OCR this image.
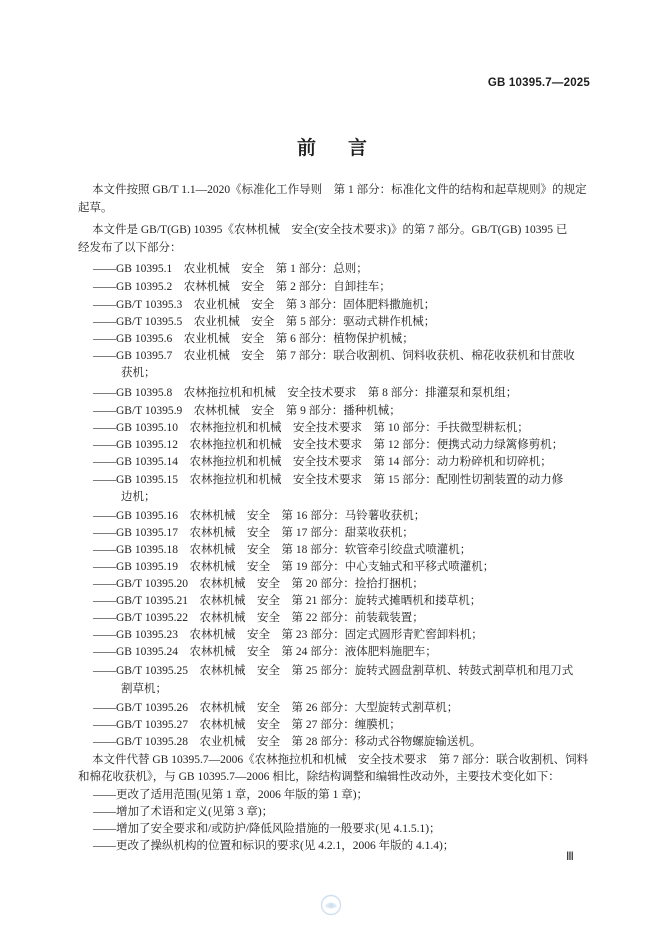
GB 10395.7—2025
前　　言
Ⅲ
本文件按照 GB/T 1.1—2020《标准化工作导则　第 1 部分：标准化文件的结构和起草规则》的规定
起草。
本文件是 GB/T(GB) 10395《农林机械　安全(安全技术要求)》的第 7 部分。GB/T(GB) 10395 已
经发布了以下部分：
——GB 10395.1　农业机械　安全　第 1 部分：总则；
——GB 10395.2　农林机械　安全　第 2 部分：自卸挂车；
——GB/T 10395.3　农业机械　安全　第 3 部分：固体肥料撒施机；
——GB/T 10395.5　农业机械　安全　第 5 部分：驱动式耕作机械；
——GB 10395.6　农业机械　安全　第 6 部分：植物保护机械；
——GB 10395.7　农业机械　安全　第 7 部分：联合收割机、饲料收获机、棉花收获机和甘蔗收
获机；
——GB 10395.8　农林拖拉机和机械　安全技术要求　第 8 部分：排灌泵和泵机组；
——GB/T 10395.9　农林机械　安全　第 9 部分：播种机械；
——GB 10395.10　农林拖拉机和机械　安全技术要求　第 10 部分：手扶微型耕耘机；
——GB 10395.12　农林拖拉机和机械　安全技术要求　第 12 部分：便携式动力绿篱修剪机；
——GB 10395.14　农林拖拉机和机械　安全技术要求　第 14 部分：动力粉碎机和切碎机；
——GB 10395.15　农林拖拉机和机械　安全技术要求　第 15 部分：配刚性切割装置的动力修
边机；
——GB 10395.16　农林机械　安全　第 16 部分：马铃薯收获机；
——GB 10395.17　农林机械　安全　第 17 部分：甜菜收获机；
——GB 10395.18　农林机械　安全　第 18 部分：软管牵引绞盘式喷灌机；
——GB 10395.19　农林机械　安全　第 19 部分：中心支轴式和平移式喷灌机；
——GB/T 10395.20　农林机械　安全　第 20 部分：捡拾打捆机；
——GB/T 10395.21　农林机械　安全　第 21 部分：旋转式摊晒机和搂草机；
——GB/T 10395.22　农林机械　安全　第 22 部分：前装载装置；
——GB 10395.23　农林机械　安全　第 23 部分：固定式圆形青贮窖卸料机；
——GB 10395.24　农林机械　安全　第 24 部分：液体肥料施肥车；
——GB/T 10395.25　农林机械　安全　第 25 部分：旋转式圆盘割草机、转鼓式割草机和甩刀式
割草机；
——GB/T 10395.26　农林机械　安全　第 26 部分：大型旋转式割草机；
——GB/T 10395.27　农林机械　安全　第 27 部分：缠膜机；
——GB/T 10395.28　农业机械　安全　第 28 部分：移动式谷物螺旋输送机。
本文件代替 GB 10395.7—2006《农林拖拉机和机械　安全技术要求　第 7 部分：联合收割机、饲料
和棉花收获机》，与 GB 10395.7—2006 相比，除结构调整和编辑性改动外，主要技术变化如下：
——更改了适用范围(见第 1 章，2006 年版的第 1 章)；
——增加了术语和定义(见第 3 章)；
——增加了安全要求和/或防护/降低风险措施的一般要求(见 4.1.5.1)；
——更改了操纵机构的位置和标识的要求(见 4.2.1，2006 年版的 4.1.4)；
